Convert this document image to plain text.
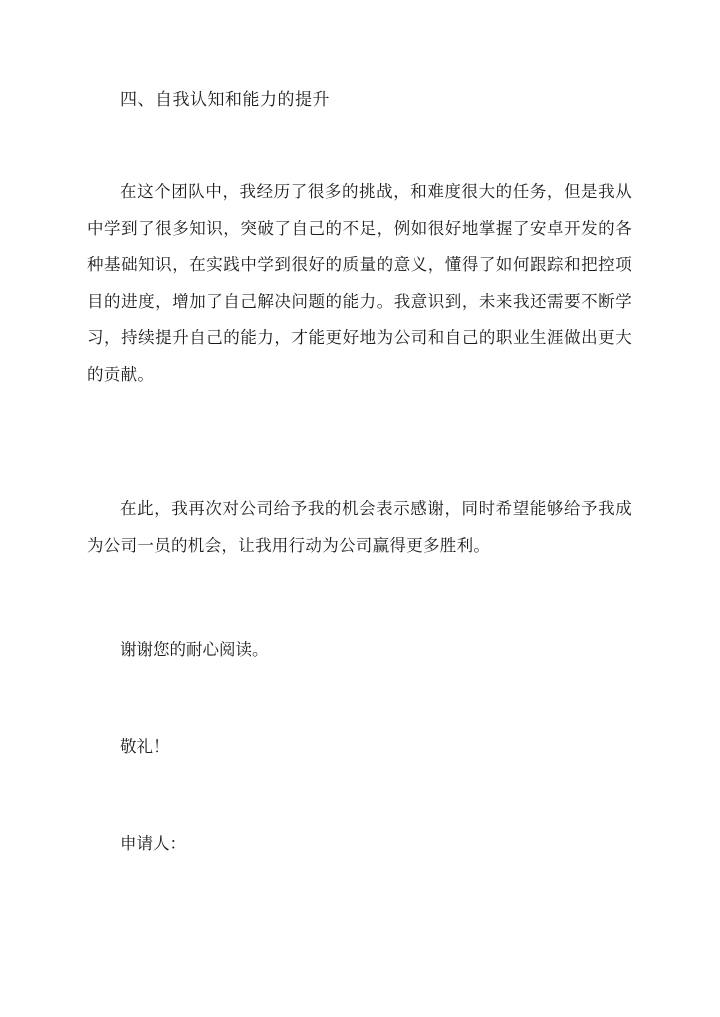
四、自我认知和能力的提升
在这个团队中，我经历了很多的挑战，和难度很大的任务，但是我从中学到了很多知识，突破了自己的不足，例如很好地掌握了安卓开发的各种基础知识，在实践中学到很好的质量的意义，懂得了如何跟踪和把控项目的进度，增加了自己解决问题的能力。我意识到，未来我还需要不断学习，持续提升自己的能力，才能更好地为公司和自己的职业生涯做出更大的贡献。
在此，我再次对公司给予我的机会表示感谢，同时希望能够给予我成为公司一员的机会，让我用行动为公司赢得更多胜利。
谢谢您的耐心阅读。
敬礼！
申请人：
